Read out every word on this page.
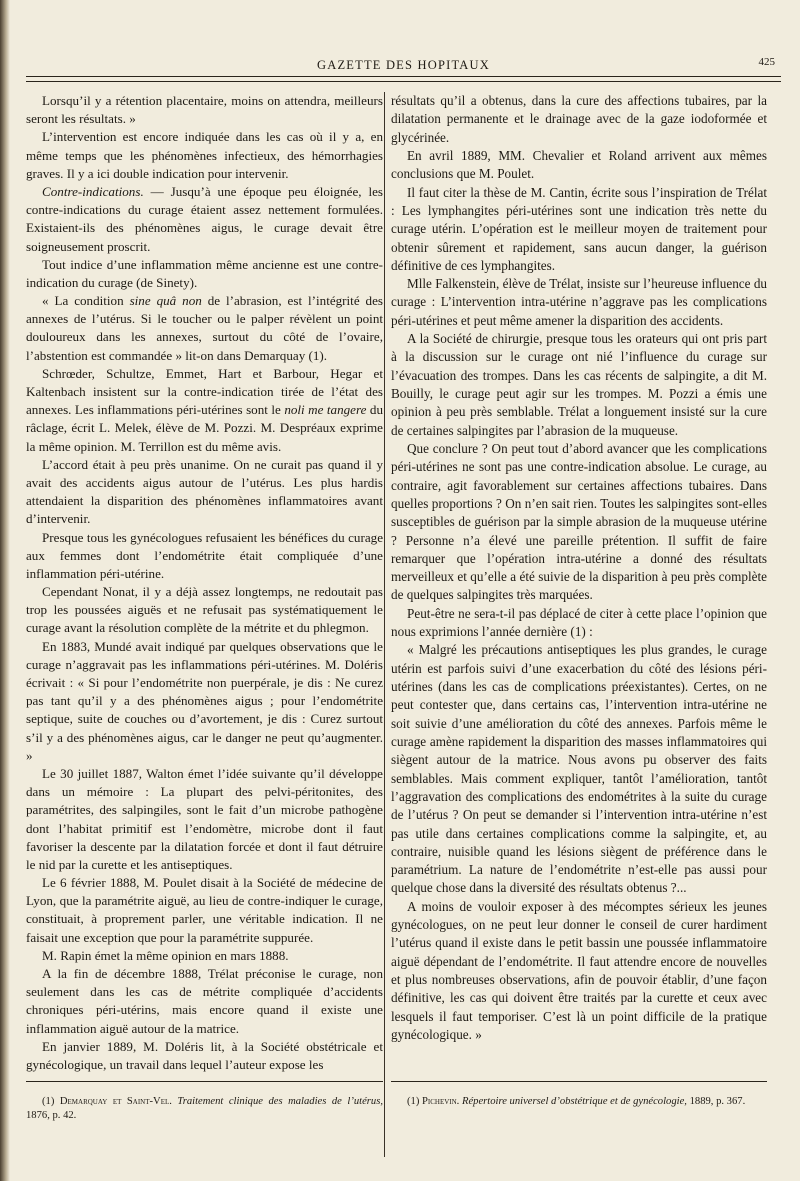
GAZETTE DES HOPITAUX	425

Lorsqu’il y a rétention placentaire, moins on attendra, meilleurs seront les résultats. »

L’intervention est encore indiquée dans les cas où il y a, en même temps que les phénomènes infectieux, des hémorrhagies graves. Il y a ici double indication pour intervenir.

Contre-indications. — Jusqu’à une époque peu éloignée, les contre-indications du curage étaient assez nettement formulées. Existaient-ils des phénomènes aigus, le curage devait être soigneusement proscrit.

Tout indice d’une inflammation même ancienne est une contre-indication du curage (de Sinety).

« La condition sine quâ non de l’abrasion, est l’intégrité des annexes de l’utérus. Si le toucher ou le palper révèlent un point douloureux dans les annexes, surtout du côté de l’ovaire, l’abstention est commandée » lit-on dans Demarquay (1).

Schrœder, Schultze, Emmet, Hart et Barbour, Hegar et Kaltenbach insistent sur la contre-indication tirée de l’état des annexes. Les inflammations péri-utérines sont le noli me tangere du râclage, écrit L. Melek, élève de M. Pozzi. M. Despréaux exprime la même opinion. M. Terrillon est du même avis.

L’accord était à peu près unanime. On ne curait pas quand il y avait des accidents aigus autour de l’utérus. Les plus hardis attendaient la disparition des phénomènes inflammatoires avant d’intervenir.

Presque tous les gynécologues refusaient les bénéfices du curage aux femmes dont l’endométrite était compliquée d’une inflammation péri-utérine.

Cependant Nonat, il y a déjà assez longtemps, ne redoutait pas trop les poussées aiguës et ne refusait pas systématiquement le curage avant la résolution complète de la métrite et du phlegmon.

En 1883, Mundé avait indiqué par quelques observations que le curage n’aggravait pas les inflammations péri-utérines. M. Doléris écrivait : « Si pour l’endométrite non puerpérale, je dis : Ne curez pas tant qu’il y a des phénomènes aigus ; pour l’endométrite septique, suite de couches ou d’avortement, je dis : Curez surtout s’il y a des phénomènes aigus, car le danger ne peut qu’augmenter. »

Le 30 juillet 1887, Walton émet l’idée suivante qu’il développe dans un mémoire : La plupart des pelvi-péritonites, des paramétrites, des salpingiles, sont le fait d’un microbe pathogène dont l’habitat primitif est l’endomètre, microbe dont il faut favoriser la descente par la dilatation forcée et dont il faut détruire le nid par la curette et les antiseptiques.

Le 6 février 1888, M. Poulet disait à la Société de médecine de Lyon, que la paramétrite aiguë, au lieu de contre-indiquer le curage, constituait, à proprement parler, une véritable indication. Il ne faisait une exception que pour la paramétrite suppurée.

M. Rapin émet la même opinion en mars 1888.

A la fin de décembre 1888, Trélat préconise le curage, non seulement dans les cas de métrite compliquée d’accidents chroniques péri-utérins, mais encore quand il existe une inflammation aiguë autour de la matrice.

En janvier 1889, M. Doléris lit, à la Société obstétricale et gynécologique, un travail dans lequel l’auteur expose les

résultats qu’il a obtenus, dans la cure des affections tubaires, par la dilatation permanente et le drainage avec de la gaze iodoformée et glycérinée.

En avril 1889, MM. Chevalier et Roland arrivent aux mêmes conclusions que M. Poulet.

Il faut citer la thèse de M. Cantin, écrite sous l’inspiration de Trélat : Les lymphangites péri-utérines sont une indication très nette du curage utérin. L’opération est le meilleur moyen de traitement pour obtenir sûrement et rapidement, sans aucun danger, la guérison définitive de ces lymphangites.

Mlle Falkenstein, élève de Trélat, insiste sur l’heureuse influence du curage : L’intervention intra-utérine n’aggrave pas les complications péri-utérines et peut même amener la disparition des accidents.

A la Société de chirurgie, presque tous les orateurs qui ont pris part à la discussion sur le curage ont nié l’influence du curage sur l’évacuation des trompes. Dans les cas récents de salpingite, a dit M. Bouilly, le curage peut agir sur les trompes. M. Pozzi a émis une opinion à peu près semblable. Trélat a longuement insisté sur la cure de certaines salpingites par l’abrasion de la muqueuse.

Que conclure ? On peut tout d’abord avancer que les complications péri-utérines ne sont pas une contre-indication absolue. Le curage, au contraire, agit favorablement sur certaines affections tubaires. Dans quelles proportions ? On n’en sait rien. Toutes les salpingites sont-elles susceptibles de guérison par la simple abrasion de la muqueuse utérine ? Personne n’a élevé une pareille prétention. Il suffit de faire remarquer que l’opération intra-utérine a donné des résultats merveilleux et qu’elle a été suivie de la disparition à peu près complète de quelques salpingites très marquées.

Peut-être ne sera-t-il pas déplacé de citer à cette place l’opinion que nous exprimions l’année dernière (1) :

« Malgré les précautions antiseptiques les plus grandes, le curage utérin est parfois suivi d’une exacerbation du côté des lésions péri-utérines (dans les cas de complications préexistantes). Certes, on ne peut contester que, dans certains cas, l’intervention intra-utérine ne soit suivie d’une amélioration du côté des annexes. Parfois même le curage amène rapidement la disparition des masses inflammatoires qui siègent autour de la matrice. Nous avons pu observer des faits semblables. Mais comment expliquer, tantôt l’amélioration, tantôt l’aggravation des complications des endométrites à la suite du curage de l’utérus ? On peut se demander si l’intervention intra-utérine n’est pas utile dans certaines complications comme la salpingite, et, au contraire, nuisible quand les lésions siègent de préférence dans le paramétrium. La nature de l’endométrite n’est-elle pas aussi pour quelque chose dans la diversité des résultats obtenus ?...

A moins de vouloir exposer à des mécomptes sérieux les jeunes gynécologues, on ne peut leur donner le conseil de curer hardiment l’utérus quand il existe dans le petit bassin une poussée inflammatoire aiguë dépendant de l’endométrite. Il faut attendre encore de nouvelles et plus nombreuses observations, afin de pouvoir établir, d’une façon définitive, les cas qui doivent être traités par la curette et ceux avec lesquels il faut temporiser. C’est là un point difficile de la pratique gynécologique. »

(1) Demarquay et Saint-Vel. Traitement clinique des maladies de l’utérus, 1876, p. 42.

(1) Pichevin. Répertoire universel d’obstétrique et de gynécologie, 1889, p. 367.
